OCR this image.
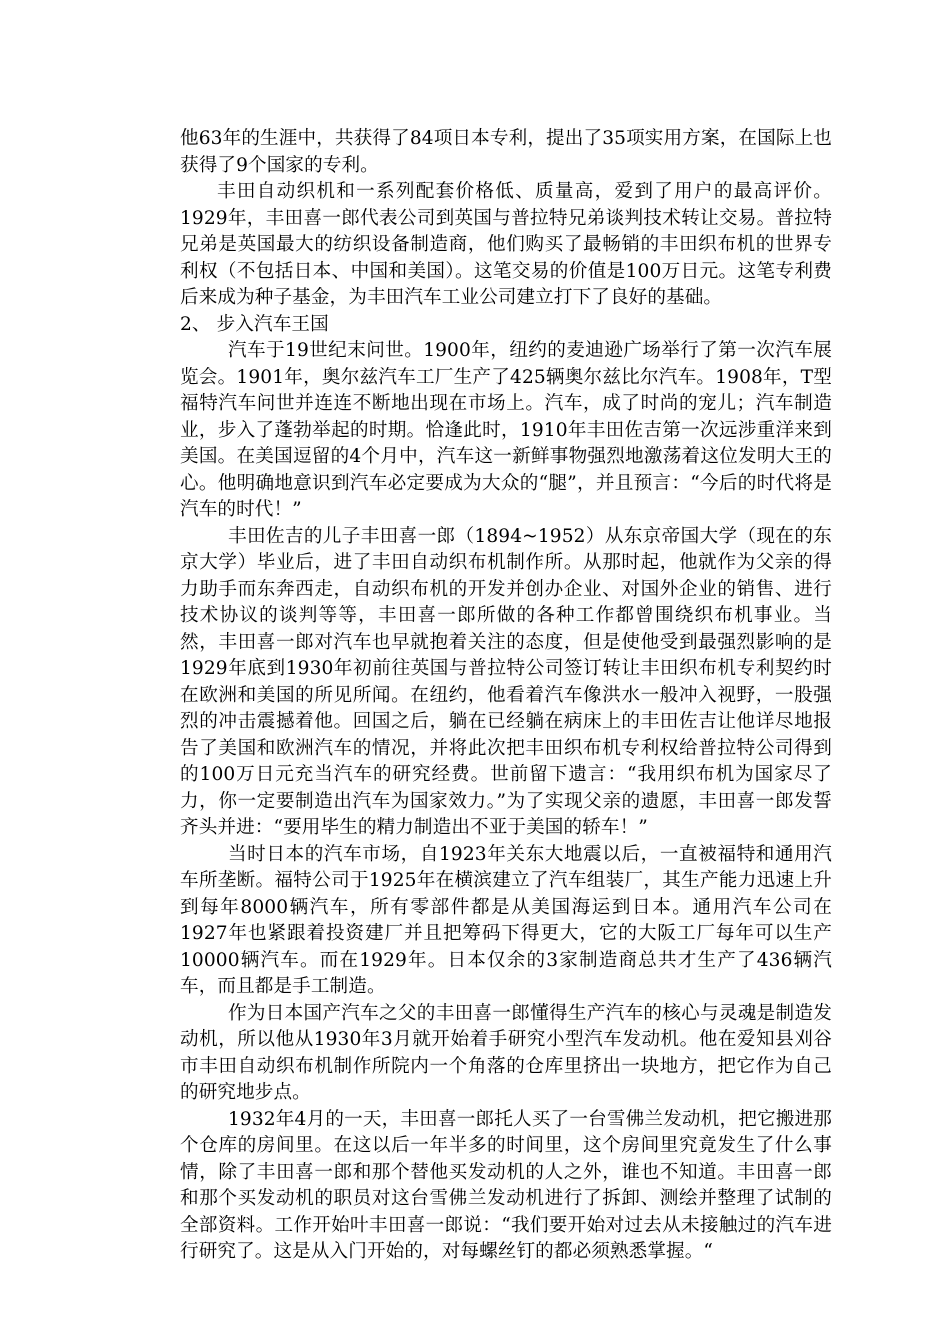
他63年的生涯中，共获得了84项日本专利，提出了35项实用方案，在国际上也获得了9个国家的专利。

丰田自动织机和一系列配套价格低、质量高，爱到了用户的最高评价。1929年，丰田喜一郎代表公司到英国与普拉特兄弟谈判技术转让交易。普拉特兄弟是英国最大的纺织设备制造商，他们购买了最畅销的丰田织布机的世界专利权（不包括日本、中国和美国）。这笔交易的价值是100万日元。这笔专利费后来成为种子基金，为丰田汽车工业公司建立打下了良好的基础。

2、 步入汽车王国

汽车于19世纪末问世。1900年，纽约的麦迪逊广场举行了第一次汽车展览会。1901年，奥尔兹汽车工厂生产了425辆奥尔兹比尔汽车。1908年，T型福特汽车问世并连连不断地出现在市场上。汽车，成了时尚的宠儿；汽车制造业，步入了蓬勃举起的时期。恰逢此时，1910年丰田佐吉第一次远涉重洋来到美国。在美国逗留的4个月中，汽车这一新鲜事物强烈地激荡着这位发明大王的心。他明确地意识到汽车必定要成为大众的“腿”，并且预言：“今后的时代将是汽车的时代！”

丰田佐吉的儿子丰田喜一郎（1894~1952）从东京帝国大学（现在的东京大学）毕业后，进了丰田自动织布机制作所。从那时起，他就作为父亲的得力助手而东奔西走，自动织布机的开发并创办企业、对国外企业的销售、进行技术协议的谈判等等，丰田喜一郎所做的各种工作都曾围绕织布机事业。当然，丰田喜一郎对汽车也早就抱着关注的态度，但是使他受到最强烈影响的是1929年底到1930年初前往英国与普拉特公司签订转让丰田织布机专利契约时在欧洲和美国的所见所闻。在纽约，他看着汽车像洪水一般冲入视野，一股强烈的冲击震撼着他。回国之后，躺在已经躺在病床上的丰田佐吉让他详尽地报告了美国和欧洲汽车的情况，并将此次把丰田织布机专利权给普拉特公司得到的100万日元充当汽车的研究经费。世前留下遗言：“我用织布机为国家尽了力，你一定要制造出汽车为国家效力。”为了实现父亲的遗愿，丰田喜一郎发誓齐头并进：“要用毕生的精力制造出不亚于美国的轿车！”

当时日本的汽车市场，自1923年关东大地震以后，一直被福特和通用汽车所垄断。福特公司于1925年在横滨建立了汽车组装厂，其生产能力迅速上升到每年8000辆汽车，所有零部件都是从美国海运到日本。通用汽车公司在1927年也紧跟着投资建厂并且把筹码下得更大，它的大阪工厂每年可以生产10000辆汽车。而在1929年。日本仅余的3家制造商总共才生产了436辆汽车，而且都是手工制造。

作为日本国产汽车之父的丰田喜一郎懂得生产汽车的核心与灵魂是制造发动机，所以他从1930年3月就开始着手研究小型汽车发动机。他在爱知县刈谷市丰田自动织布机制作所院内一个角落的仓库里挤出一块地方，把它作为自己的研究地步点。

1932年4月的一天，丰田喜一郎托人买了一台雪佛兰发动机，把它搬进那个仓库的房间里。在这以后一年半多的时间里，这个房间里究竟发生了什么事情，除了丰田喜一郎和那个替他买发动机的人之外，谁也不知道。丰田喜一郎和那个买发动机的职员对这台雪佛兰发动机进行了拆卸、测绘并整理了试制的全部资料。工作开始叶丰田喜一郎说：“我们要开始对过去从未接触过的汽车进行研究了。这是从入门开始的，对每螺丝钉的都必须熟悉掌握。“
